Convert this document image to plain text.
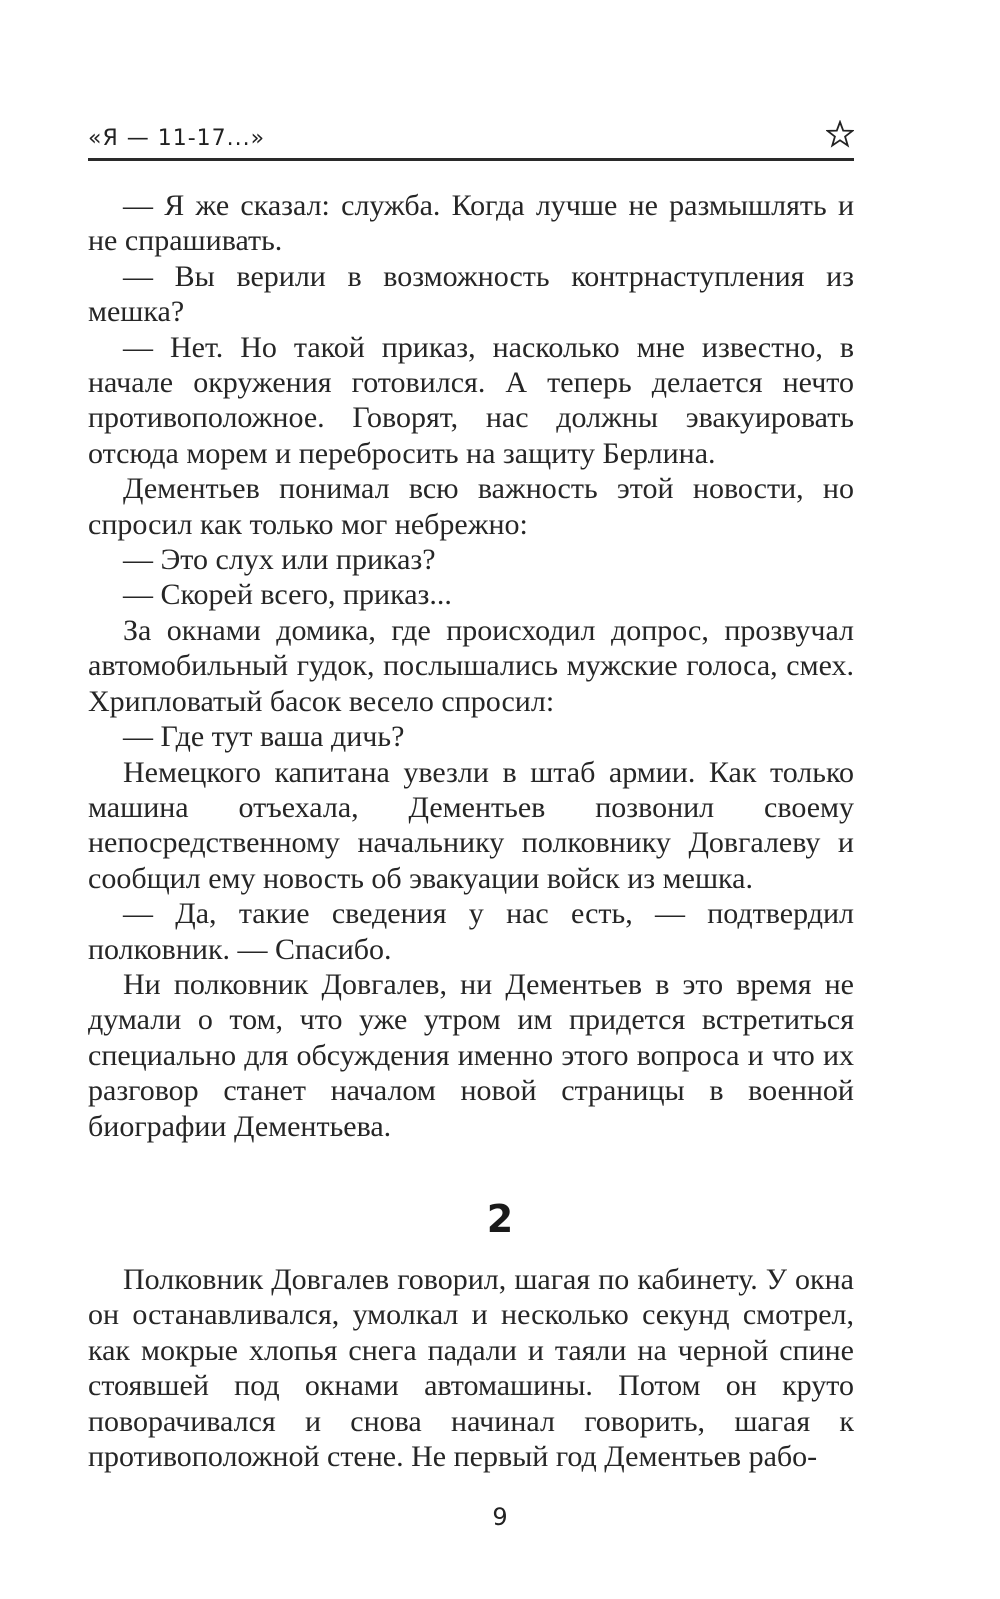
«Я — 11-17...»

— Я же сказал: служба. Когда лучше не размышлять и не спрашивать.

— Вы верили в возможность контрнаступления из мешка?

— Нет. Но такой приказ, насколько мне известно, в начале окружения готовился. А теперь делается нечто противоположное. Говорят, нас должны эвакуировать отсюда морем и перебросить на защиту Берлина.

Дементьев понимал всю важность этой новости, но спросил как только мог небрежно:

— Это слух или приказ?

— Скорей всего, приказ...

За окнами домика, где происходил допрос, прозвучал автомобильный гудок, послышались мужские голоса, смех. Хрипловатый басок весело спросил:

— Где тут ваша дичь?

Немецкого капитана увезли в штаб армии. Как только машина отъехала, Дементьев позвонил своему непосредственному начальнику полковнику Довгалеву и сообщил ему новость об эвакуации войск из мешка.

— Да, такие сведения у нас есть, — подтвердил полковник. — Спасибо.

Ни полковник Довгалев, ни Дементьев в это время не думали о том, что уже утром им придется встретиться специально для обсуждения именно этого вопроса и что их разговор станет началом новой страницы в военной биографии Дементьева.

2

Полковник Довгалев говорил, шагая по кабинету. У окна он останавливался, умолкал и несколько секунд смотрел, как мокрые хлопья снега падали и таяли на черной спине стоявшей под окнами автомашины. Потом он круто поворачивался и снова начинал говорить, шагая к противоположной стене. Не первый год Дементьев рабо-

9
